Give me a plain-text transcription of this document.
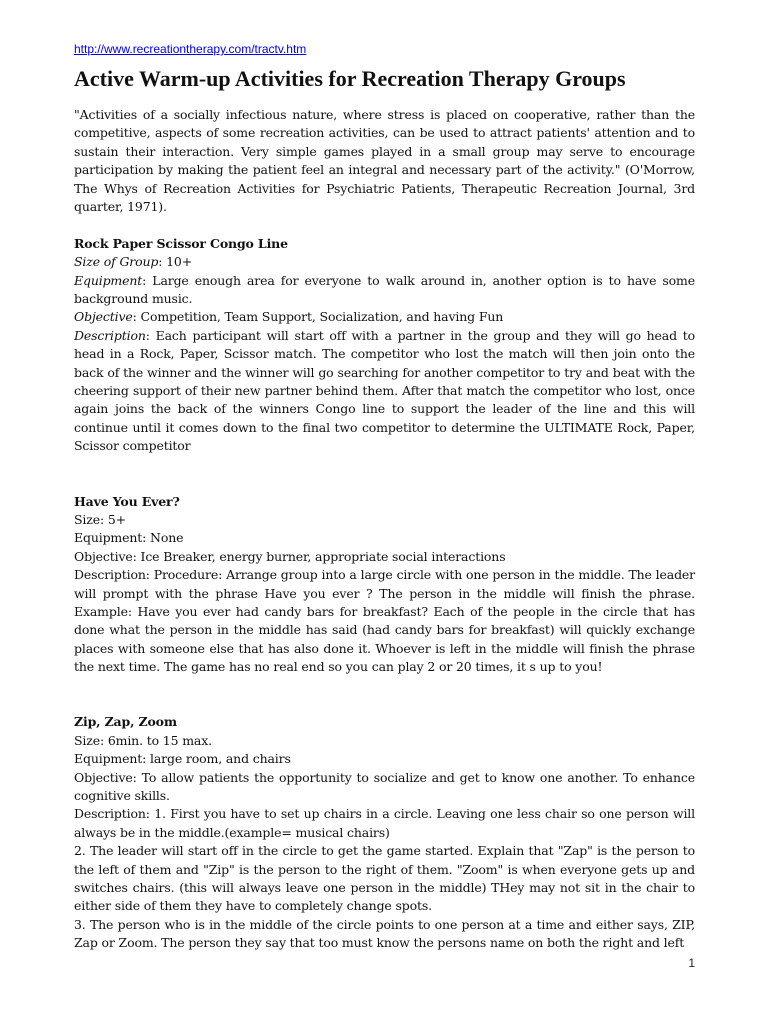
http://www.recreationtherapy.com/tractv.htm
Active Warm-up Activities for Recreation Therapy Groups

"Activities of a socially infectious nature, where stress is placed on cooperative, rather than the competitive, aspects of some recreation activities, can be used to attract patients' attention and to sustain their interaction. Very simple games played in a small group may serve to encourage participation by making the patient feel an integral and necessary part of the activity." (O'Morrow, The Whys of Recreation Activities for Psychiatric Patients, Therapeutic Recreation Journal, 3rd quarter, 1971).

Rock Paper Scissor Congo Line

Size of Group: 10+

Equipment: Large enough area for everyone to walk around in, another option is to have some background music.

Objective: Competition, Team Support, Socialization, and having Fun

Description: Each participant will start off with a partner in the group and they will go head to head in a Rock, Paper, Scissor match. The competitor who lost the match will then join onto the back of the winner and the winner will go searching for another competitor to try and beat with the cheering support of their new partner behind them. After that match the competitor who lost, once again joins the back of the winners Congo line to support the leader of the line and this will continue until it comes down to the final two competitor to determine the ULTIMATE Rock, Paper, Scissor competitor

Have You Ever?

Size: 5+

Equipment: None

Objective: Ice Breaker, energy burner, appropriate social interactions

Description: Procedure: Arrange group into a large circle with one person in the middle. The leader will prompt with the phrase Have you ever ? The person in the middle will finish the phrase. Example: Have you ever had candy bars for breakfast? Each of the people in the circle that has done what the person in the middle has said (had candy bars for breakfast) will quickly exchange places with someone else that has also done it. Whoever is left in the middle will finish the phrase the next time. The game has no real end so you can play 2 or 20 times, it s up to you!

Zip, Zap, Zoom

Size: 6min. to 15 max.

Equipment: large room, and chairs

Objective: To allow patients the opportunity to socialize and get to know one another. To enhance cognitive skills.

Description: 1. First you have to set up chairs in a circle. Leaving one less chair so one person will always be in the middle.(example= musical chairs)

2. The leader will start off in the circle to get the game started. Explain that "Zap" is the person to the left of them and "Zip" is the person to the right of them. "Zoom" is when everyone gets up and switches chairs. (this will always leave one person in the middle) THey may not sit in the chair to either side of them they have to completely change spots.

3. The person who is in the middle of the circle points to one person at a time and either says, ZIP, Zap or Zoom. The person they say that too must know the persons name on both the right and left

1
